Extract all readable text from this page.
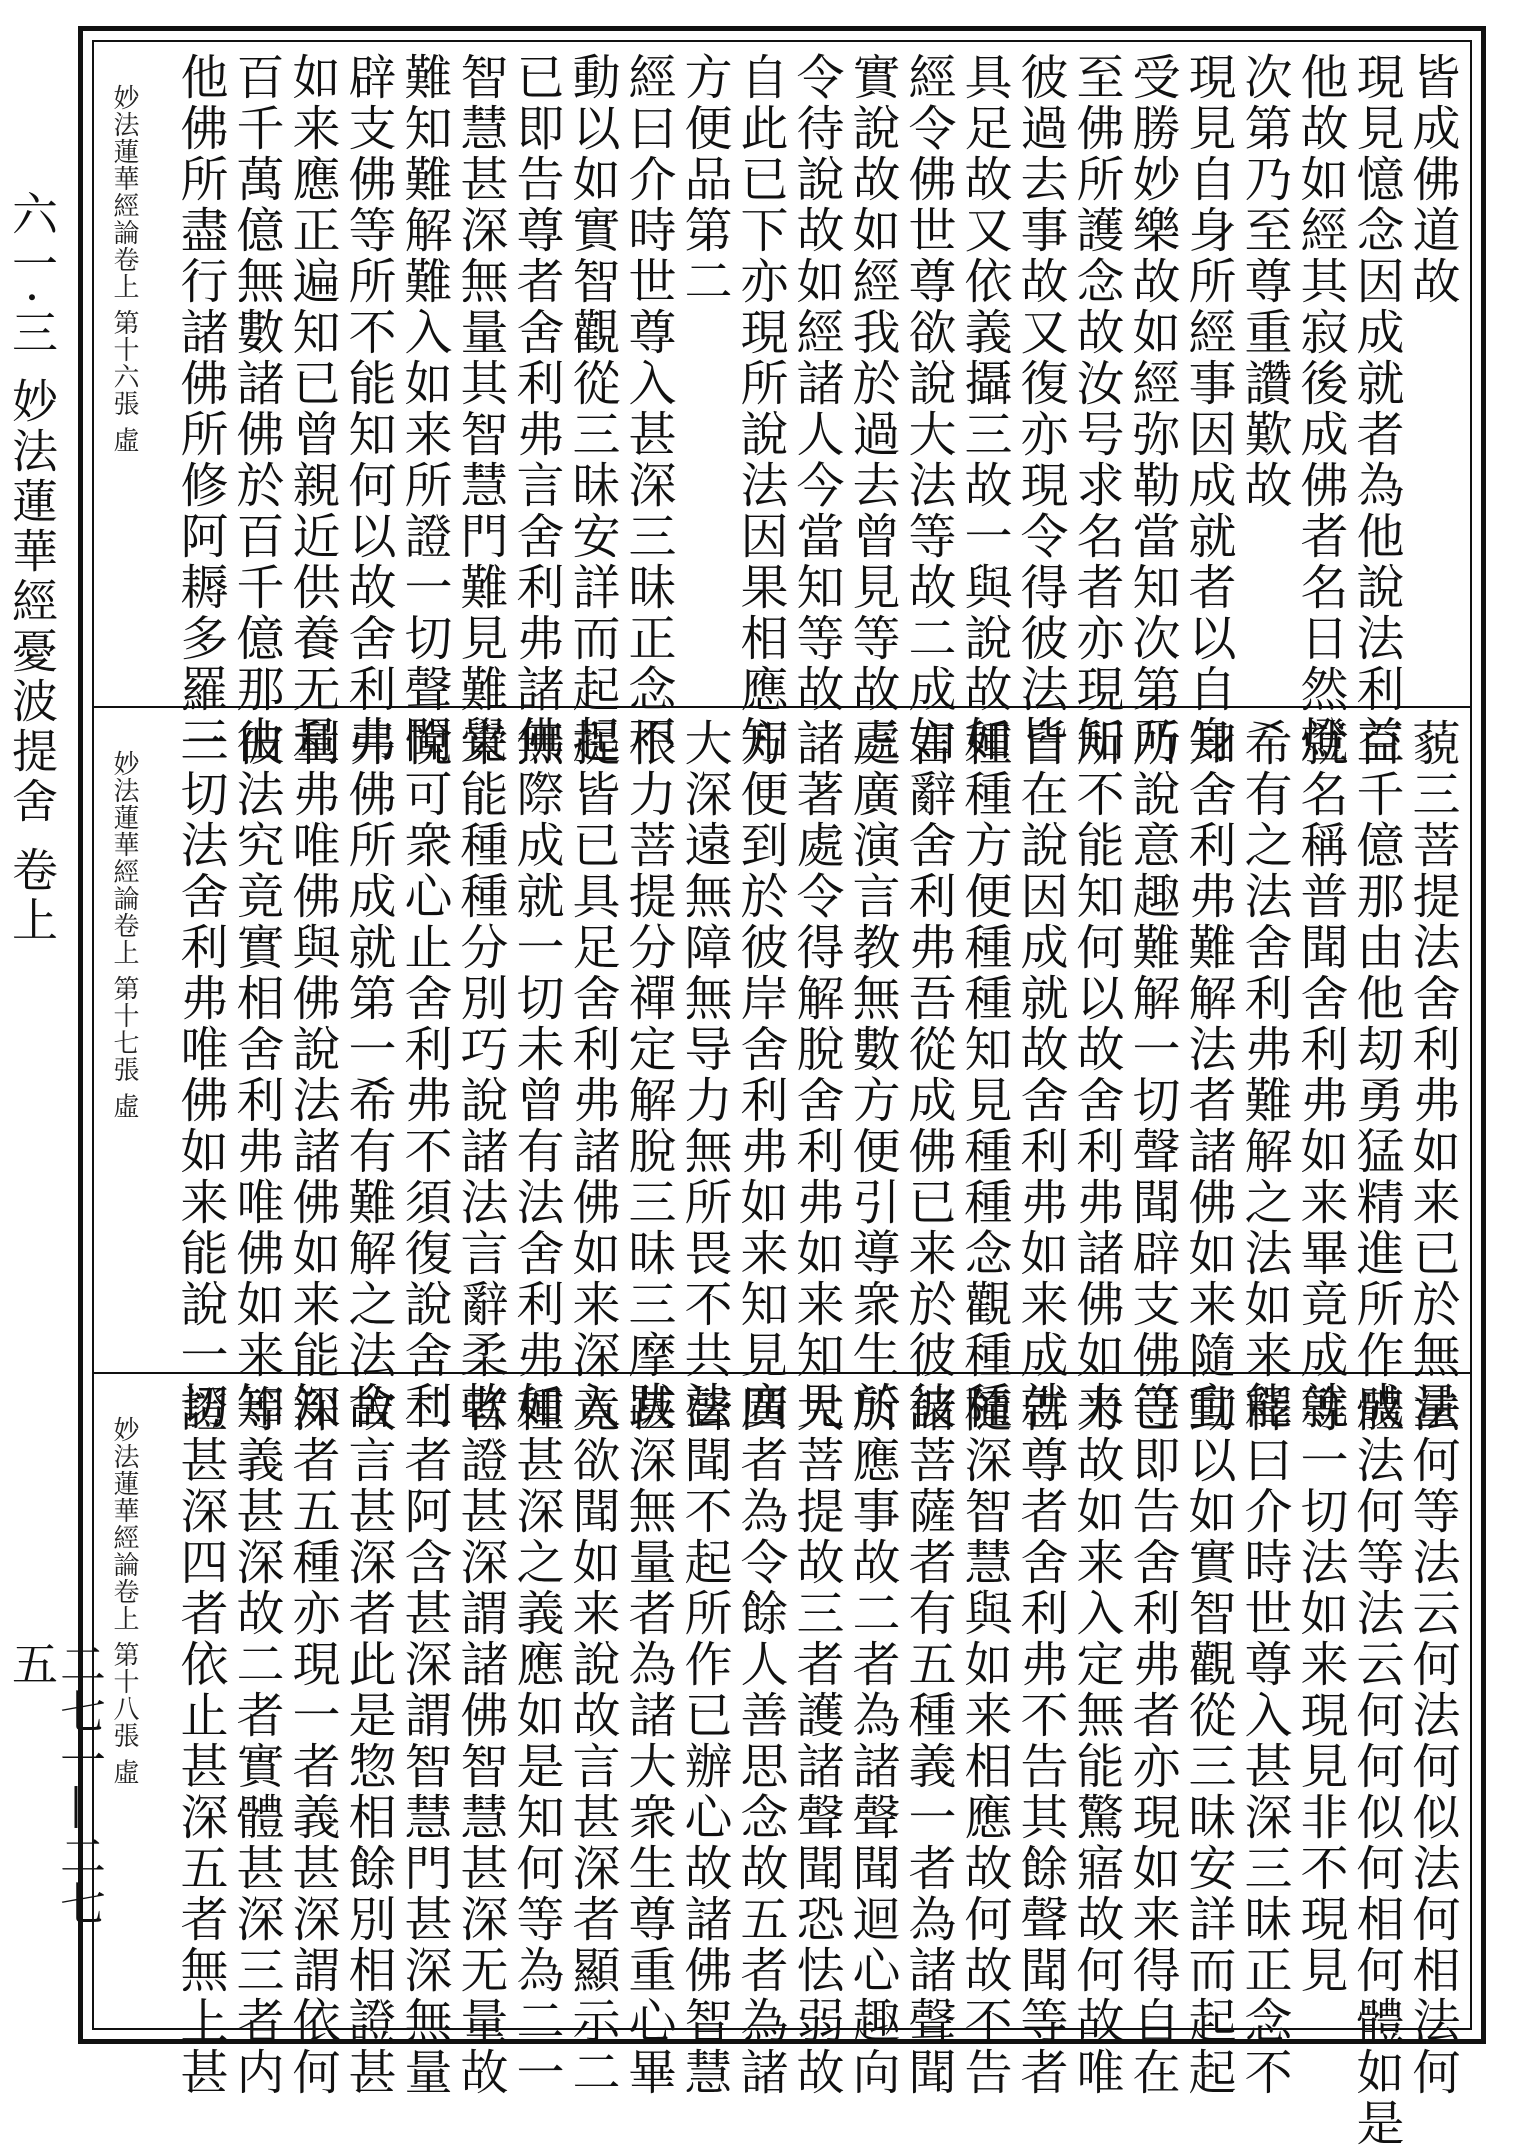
六一·三 妙法蓮華經憂波提舍 卷上
二七一—二七五
皆成佛道故
現見憶念因成就者為他說法利益
他故如經其寂後成佛者名日然燈
次第乃至尊重讚歎故
現見自身所經事因成就者以自身
受勝妙樂故如經弥勒當知次第乃
至佛所護念故汝号求名者亦現知
彼過去事故又復亦現令得彼法皆
具足故又依義攝三故一與說故如
經令佛世尊欲說大法等故二成如
實說故如經我於過去曾見等故三
令待說故如經諸人今當知等故
自此已下亦現所說法因果相應知
方便品第二
經曰介時世尊入甚深三昧正念不
動以如實智觀從三昧安詳而起起
已即告尊者舍利弗言舍利弗諸佛
智慧甚深無量其智慧門難見難覺
難知難解難入如来所證一切聲聞
辟支佛等所不能知何以故舍利弗
如来應正遍知已曾親近供養无量
百千萬億無數諸佛於百千億那由
他佛所盡行諸佛所修阿耨多羅三
妙法蓮華經論卷上 第十六張 虛
藐三菩提法舍利弗如来已於無量
百千億那由他刧勇猛精進所作成
就名稱普聞舍利弗如来畢竟成就
希有之法舍利弗難解之法如来能
知舍利弗難解法者諸佛如来隨宜
所說意趣難解一切聲聞辟支佛等
所不能知何以故舍利弗諸佛如来
自在說因成就故舍利弗如来成就
種種方便種種知見種種念觀種種
言辭舍利弗吾從成佛已来於彼彼
處廣演言教無數方便引導衆生於
諸著處令得解脫舍利弗如来知見
方便到於彼岸舍利弗如来知見廣
大深遠無障無导力無所畏不共法
根力菩提分禪定解脫三昧三摩跋
提皆已具足舍利弗諸佛如来深入
無際成就一切未曾有法舍利弗如
来能種種分別巧說諸法言辭柔軟
悅可衆心止舍利弗不須復說舍利
弗佛所成就第一希有難解之法舍
利弗唯佛與佛說法諸佛如来能知
彼法究竟實相舍利弗唯佛如来知
一切法舍利弗唯佛如来能說一切
妙法蓮華經論卷上 第十七張 虛
法何等法云何法何似法何相法何
體法何等法云何何似何相何體如是
等一切法如来現見非不現見
釋曰介時世尊入甚深三昧正念不
動以如實智觀從三昧安詳而起起
已即告舍利弗者亦現如来得自在
力故如来入定無能驚寤故何故唯
告尊者舍利弗不告其餘聲聞等者
隨深智慧與如来相應故何故不告
諸菩薩者有五種義一者為諸聲聞
所應事故二者為諸聲聞迴心趣向
大菩提故三者護諸聲聞恐怯弱故
四者為令餘人善思念故五者為諸
聲聞不起所作已辦心故諸佛智慧
甚深無量者為諸大衆生尊重心畢
竟欲聞如来說故言甚深者顯示二
種甚深之義應如是知何等為二一
者證甚深謂諸佛智慧甚深无量故
二者阿含甚深謂智慧門甚深無量
故言甚深者此是惣相餘別相證甚
深者五種亦現一者義甚深謂依何
等義甚深故二者實體甚深三者内
證甚深四者依止甚深五者無上甚
妙法蓮華經論卷上 第十八張 虛
